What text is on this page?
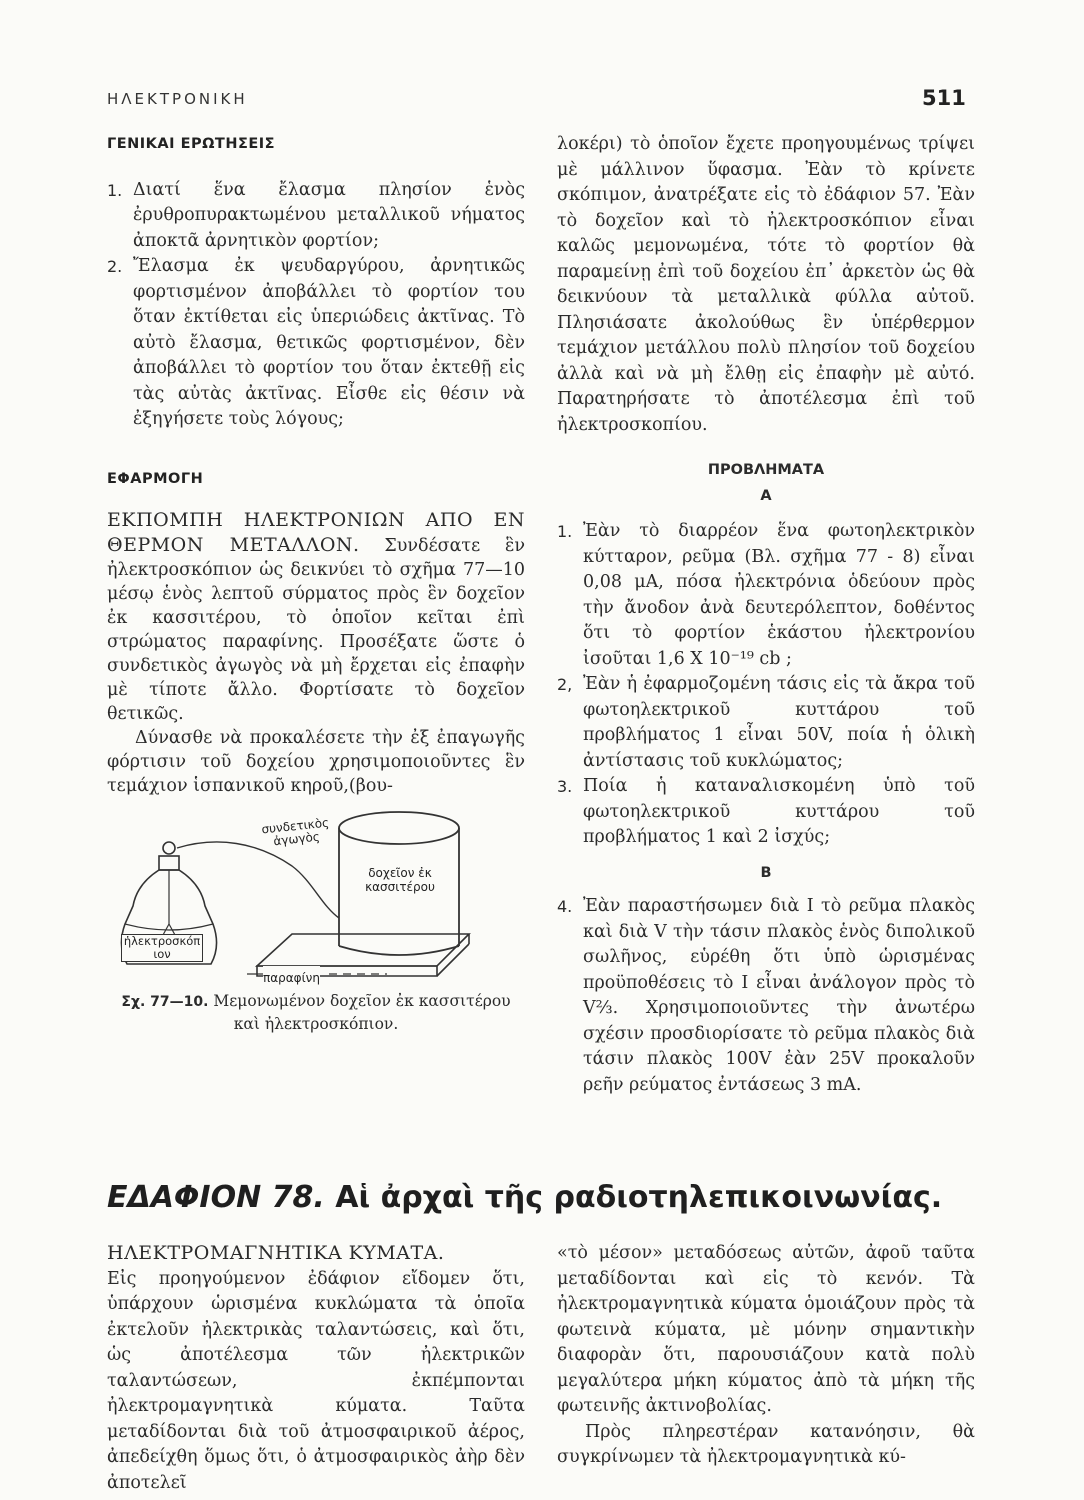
ΗΛΕΚΤΡΟΝΙΚΗ	511
ΓΕΝΙΚΑΙ ΕΡΩΤΗΣΕΙΣ
1. Διατί ἕνα ἔλασμα πλησίον ἑνὸς ἐρυθροπυρακτωμένου μεταλλικοῦ νήματος ἀποκτᾶ ἀρνητικὸν φορτίον;
2. Ἔλασμα ἐκ ψευδαργύρου, ἀρνητικῶς φορτισμένον ἀποβάλλει τὸ φορτίον του ὅταν ἐκτίθεται εἰς ὑπεριώδεις ἀκτῖνας. Τὸ αὐτὸ ἔλασμα, θετικῶς φορτισμένον, δὲν ἀποβάλλει τὸ φορτίον του ὅταν ἐκτεθῇ εἰς τὰς αὐτὰς ἀκτῖνας. Εἶσθε εἰς θέσιν νὰ ἐξηγήσετε τοὺς λόγους;
ΕΦΑΡΜΟΓΗ

ΕΚΠΟΜΠΗ ΗΛΕΚΤΡΟΝΙΩΝ ΑΠΟ ΕΝ ΘΕΡΜΟΝ ΜΕΤΑΛΛΟΝ. Συνδέσατε ἓν ἠλεκτροσκόπιον ὡς δεικνύει τὸ σχῆμα 77—10 μέσῳ ἑνὸς λεπτοῦ σύρματος πρὸς ἓν δοχεῖον ἐκ κασσιτέρου, τὸ ὁποῖον κεῖται ἐπὶ στρώματος παραφίνης. Προσέξατε ὥστε ὁ συνδετικὸς ἀγωγὸς νὰ μὴ ἔρχεται εἰς ἐπαφὴν μὲ τίποτε ἄλλο. Φορτίσατε τὸ δοχεῖον θετικῶς.

Δύνασθε νὰ προκαλέσετε τὴν ἐξ ἐπαγωγῆς φόρτισιν τοῦ δοχείου χρησιμοποιοῦντες ἓν τεμάχιον ἱσπανικοῦ κηροῦ,(βου-

συνδετικὸς ἀγωγὸς
δοχεῖον ἐκ κασσιτέρου
ἠλεκτροσκόπιον
παραφίνη
Σχ. 77—10. Μεμονωμένον δοχεῖον ἐκ κασσιτέρου καὶ ἠλεκτροσκόπιον.

λοκέρι) τὸ ὁποῖον ἔχετε προηγουμένως τρίψει μὲ μάλλινον ὕφασμα. Ἐὰν τὸ κρίνετε σκόπιμον, ἀνατρέξατε εἰς τὸ ἐδάφιον 57. Ἐὰν τὸ δοχεῖον καὶ τὸ ἠλεκτροσκόπιον εἶναι καλῶς μεμονωμένα, τότε τὸ φορτίον θὰ παραμείνῃ ἐπὶ τοῦ δοχείου ἐπ᾽ ἀρκετὸν ὡς θὰ δεικνύουν τὰ μεταλλικὰ φύλλα αὐτοῦ. Πλησιάσατε ἀκολούθως ἓν ὑπέρθερμον τεμάχιον μετάλλου πολὺ πλησίον τοῦ δοχείου ἀλλὰ καὶ νὰ μὴ ἔλθῃ εἰς ἐπαφὴν μὲ αὐτό. Παρατηρήσατε τὸ ἀποτέλεσμα ἐπὶ τοῦ ἠλεκτροσκοπίου.

ΠΡΟΒΛΗΜΑΤΑ
Α
1. Ἐὰν τὸ διαρρέον ἕνα φωτοηλεκτρικὸν κύτταρον, ρεῦμα (Βλ. σχῆμα 77 - 8) εἶναι 0,08 μΑ, πόσα ἠλεκτρόνια ὁδεύουν πρὸς τὴν ἄνοδον ἀνὰ δευτερόλεπτον, δοθέντος ὅτι τὸ φορτίον ἑκάστου ἠλεκτρονίου ἰσοῦται 1,6 Χ 10⁻¹⁹ cb ;
2, Ἐὰν ἡ ἐφαρμοζομένη τάσις εἰς τὰ ἄκρα τοῦ φωτοηλεκτρικοῦ κυττάρου τοῦ προβλήματος 1 εἶναι 50V, ποία ἡ ὁλικὴ ἀντίστασις τοῦ κυκλώματος;
3. Ποία ἡ καταναλισκομένη ὑπὸ τοῦ φωτοηλεκτρικοῦ κυττάρου τοῦ προβλήματος 1 καὶ 2 ἰσχύς;
Β
4. Ἐὰν παραστήσωμεν διὰ Ι τὸ ρεῦμα πλακὸς καὶ διὰ V τὴν τάσιν πλακὸς ἑνὸς διπολικοῦ σωλῆνος, εὑρέθη ὅτι ὑπὸ ὡρισμένας προϋποθέσεις τὸ Ι εἶναι ἀνάλογον πρὸς τὸ V⅔. Χρησιμοποιοῦντες τὴν ἀνωτέρω σχέσιν προσδιορίσατε τὸ ρεῦμα πλακὸς διὰ τάσιν πλακὸς 100V ἐὰν 25V προκαλοῦν ρεῆν ρεύματος ἐντάσεως 3 mA.
ΕΔΑΦΙΟΝ 78. Αἱ ἀρχαὶ τῆς ραδιοτηλεπικοινωνίας.

ΗΛΕΚΤΡΟΜΑΓΝΗΤΙΚΑ ΚΥΜΑΤΑ.

Εἰς προηγούμενον ἐδάφιον εἴδομεν ὅτι, ὑπάρχουν ὡρισμένα κυκλώματα τὰ ὁποῖα ἐκτελοῦν ἠλεκτρικὰς ταλαντώσεις, καὶ ὅτι, ὡς ἀποτέλεσμα τῶν ἠλεκτρικῶν ταλαντώσεων, ἐκπέμπονται ἠλεκτρομαγνητικὰ κύματα. Ταῦτα μεταδίδονται διὰ τοῦ ἀτμοσφαιρικοῦ ἀέρος, ἀπεδείχθη ὅμως ὅτι, ὁ ἀτμοσφαιρικὸς ἀὴρ δὲν ἀποτελεῖ

«τὸ μέσον» μεταδόσεως αὐτῶν, ἀφοῦ ταῦτα μεταδίδονται καὶ εἰς τὸ κενόν. Τὰ ἠλεκτρομαγνητικὰ κύματα ὁμοιάζουν πρὸς τὰ φωτεινὰ κύματα, μὲ μόνην σημαντικὴν διαφορὰν ὅτι, παρουσιάζουν κατὰ πολὺ μεγαλύτερα μήκη κύματος ἀπὸ τὰ μήκη τῆς φωτεινῆς ἀκτινοβολίας.

Πρὸς πληρεστέραν κατανόησιν, θὰ συγκρίνωμεν τὰ ἠλεκτρομαγνητικὰ κύ-
